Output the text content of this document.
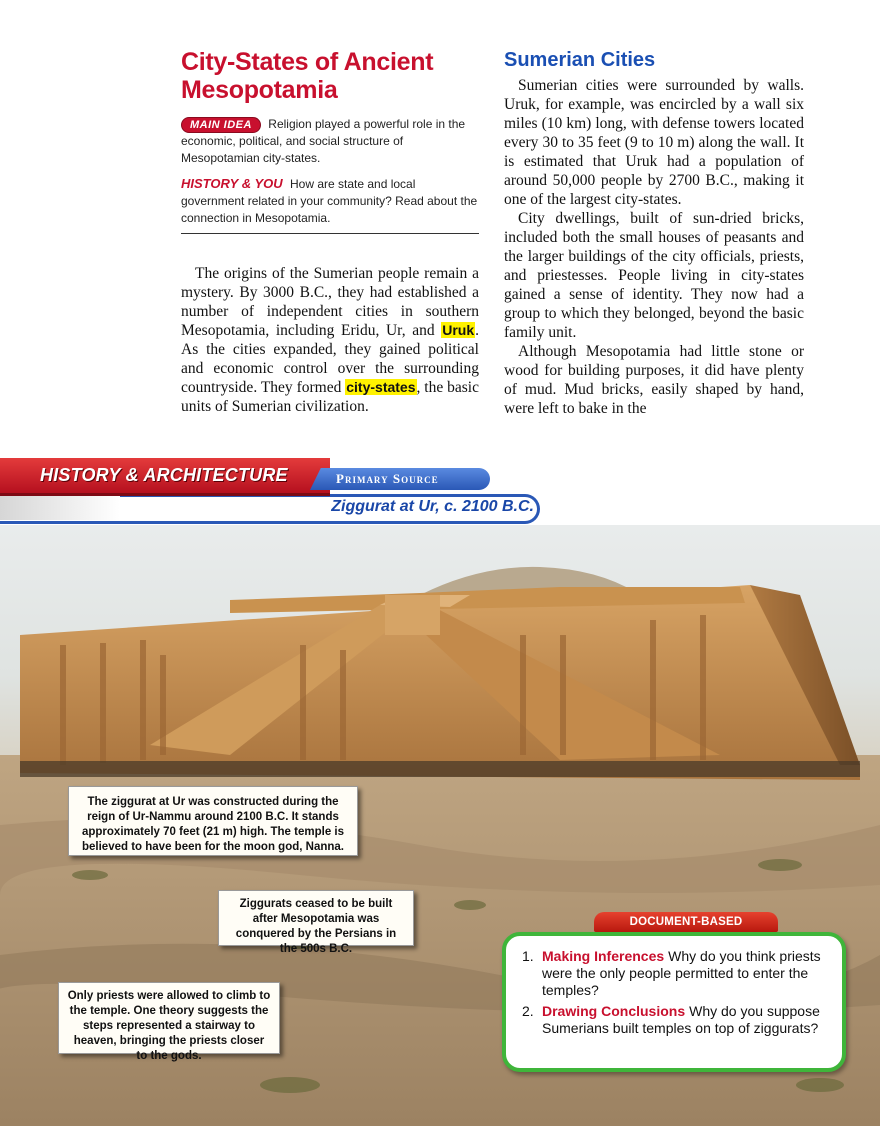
City-States of Ancient Mesopotamia

MAIN IDEA Religion played a powerful role in the economic, political, and social structure of Mesopotamian city-states.

HISTORY & YOU How are state and local government related in your community? Read about the connection in Mesopotamia.

The origins of the Sumerian people remain a mystery. By 3000 B.C., they had established a number of independent cities in southern Mesopotamia, including Eridu, Ur, and Uruk. As the cities expanded, they gained political and economic control over the surrounding countryside. They formed city-states, the basic units of Sumerian civilization.

Sumerian Cities

Sumerian cities were surrounded by walls. Uruk, for example, was encircled by a wall six miles (10 km) long, with defense towers located every 30 to 35 feet (9 to 10 m) along the wall. It is estimated that Uruk had a population of around 50,000 people by 2700 B.C., making it one of the largest city-states.

City dwellings, built of sun-dried bricks, included both the small houses of peasants and the larger buildings of the city officials, priests, and priestesses. People living in city-states gained a sense of identity. They now had a group to which they belonged, beyond the basic family unit.

Although Mesopotamia had little stone or wood for building purposes, it did have plenty of mud. Mud bricks, easily shaped by hand, were left to bake in the

HISTORY & ARCHITECTURE	Primary Source
Ziggurat at Ur, c. 2100 B.C.
The ziggurat at Ur was constructed during the reign of Ur-Nammu around 2100 B.C. It stands approximately 70 feet (21 m) high. The temple is believed to have been for the moon god, Nanna.
Ziggurats ceased to be built after Mesopotamia was conquered by the Persians in the 500s B.C.
Only priests were allowed to climb to the temple. One theory suggests the steps represented a stairway to heaven, bringing the priests closer to the gods.
DOCUMENT-BASED
1. Making Inferences Why do you think priests were the only people permitted to enter the temples?
2. Drawing Conclusions Why do you suppose Sumerians built temples on top of ziggurats?
